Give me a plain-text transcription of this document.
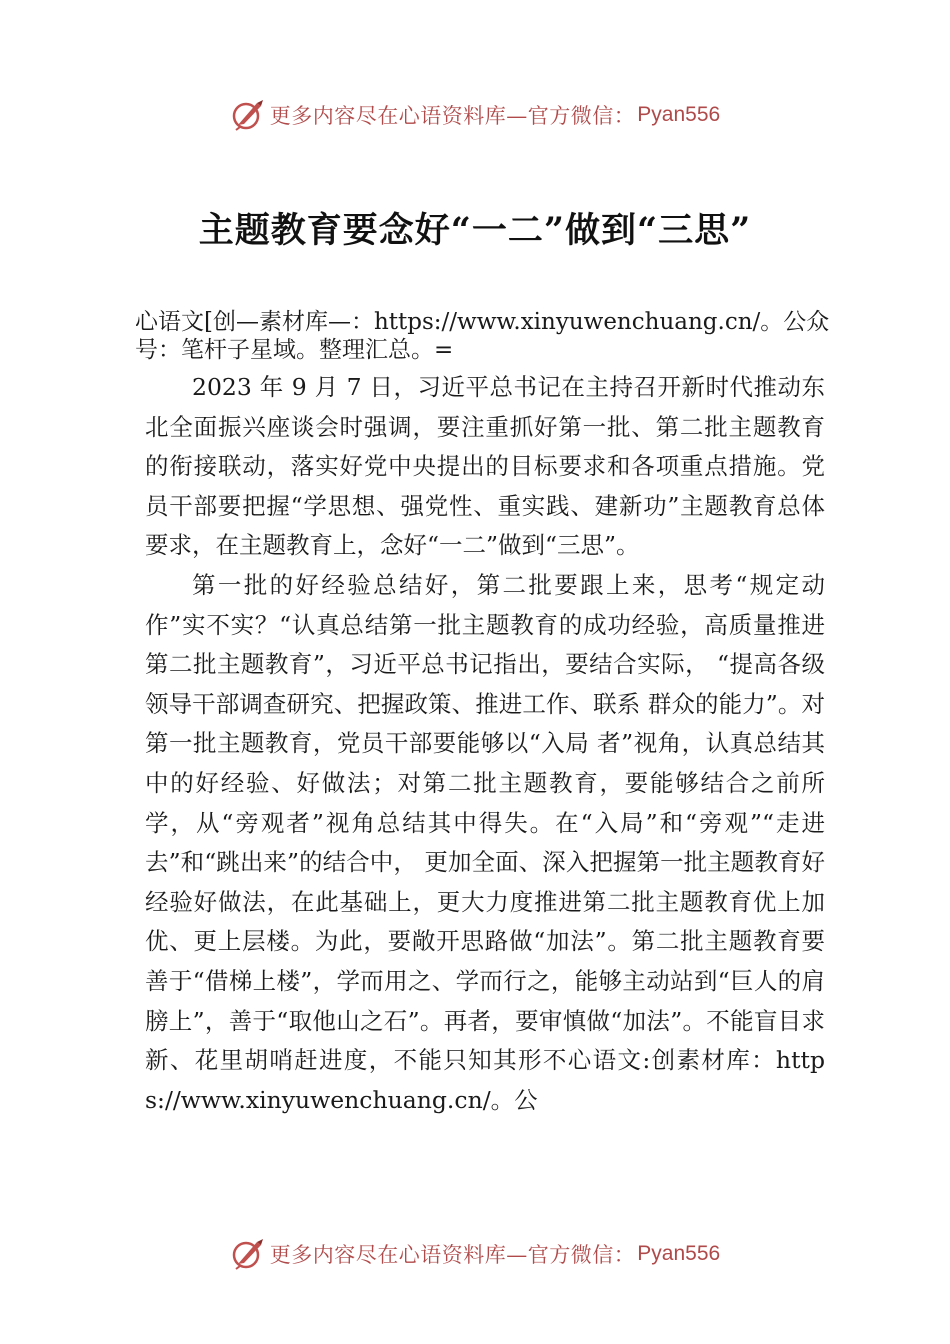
更多内容尽在心语资料库—官方微信： Pyan556
主题教育要念好“一二”做到“三思”

心语文[创—素材库—：https://www.xinyuwenchuang.cn/。公众号：笔杆子星域。整理汇总。=

2023 年 9 月 7 日，习近平总书记在主持召开新时代推动东北全面振兴座谈会时强调，要注重抓好第一批、第二批主题教育的衔接联动，落实好党中央提出的目标要求和各项重点措施。党员干部要把握“学思想、强党性、重实践、建新功”主题教育总体要求，在主题教育上，念好“一二”做到“三思”。

第一批的好经验总结好，第二批要跟上来，思考“规定动作”实不实？“认真总结第一批主题教育的成功经验，高质量推进第二批主题教育”，习近平总书记指出，要结合实际， “提高各级领导干部调查研究、把握政策、推进工作、联系 群众的能力”。对第一批主题教育，党员干部要能够以“入局 者”视角，认真总结其中的好经验、好做法；对第二批主题教育，要能够结合之前所学，从“旁观者”视角总结其中得失。在“入局”和“旁观”“走进去”和“跳出来”的结合中， 更加全面、深入把握第一批主题教育好经验好做法，在此基础上，更大力度推进第二批主题教育优上加优、更上层楼。为此，要敞开思路做“加法”。第二批主题教育要善于“借梯上楼”，学而用之、学而行之，能够主动站到“巨人的肩膀上”，善于“取他山之石”。再者，要审慎做“加法”。不能盲目求 新、花里胡哨赶进度，不能只知其形不心语文:创素材库：https://www.xinyuwenchuang.cn/。公

更多内容尽在心语资料库—官方微信： Pyan556
